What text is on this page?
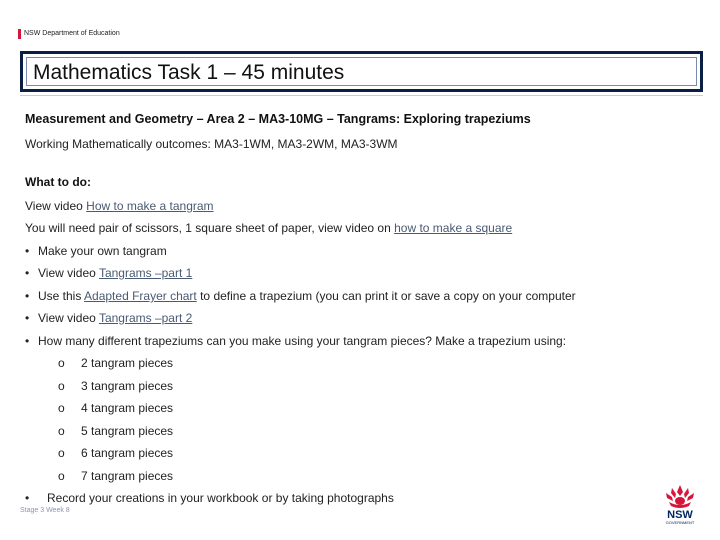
NSW Department of Education
Mathematics Task 1 – 45 minutes
Measurement and Geometry – Area 2 – MA3-10MG – Tangrams: Exploring trapeziums
Working Mathematically outcomes: MA3-1WM, MA3-2WM, MA3-3WM
What to do:
View video How to make a tangram
You will need pair of scissors, 1 square sheet of paper, view video on how to make a square
• Make your own tangram
• View video Tangrams –part 1
• Use this Adapted Frayer chart to define a trapezium (you can print it or save a copy on your computer
• View video Tangrams –part 2
• How many different trapeziums can you make using your tangram pieces? Make a trapezium using:
o 2 tangram pieces
o 3 tangram pieces
o 4 tangram pieces
o 5 tangram pieces
o 6 tangram pieces
o 7 tangram pieces
• Record your creations in your workbook or by taking photographs
Stage 3 Week 8	NSW
GOVERNMENT
